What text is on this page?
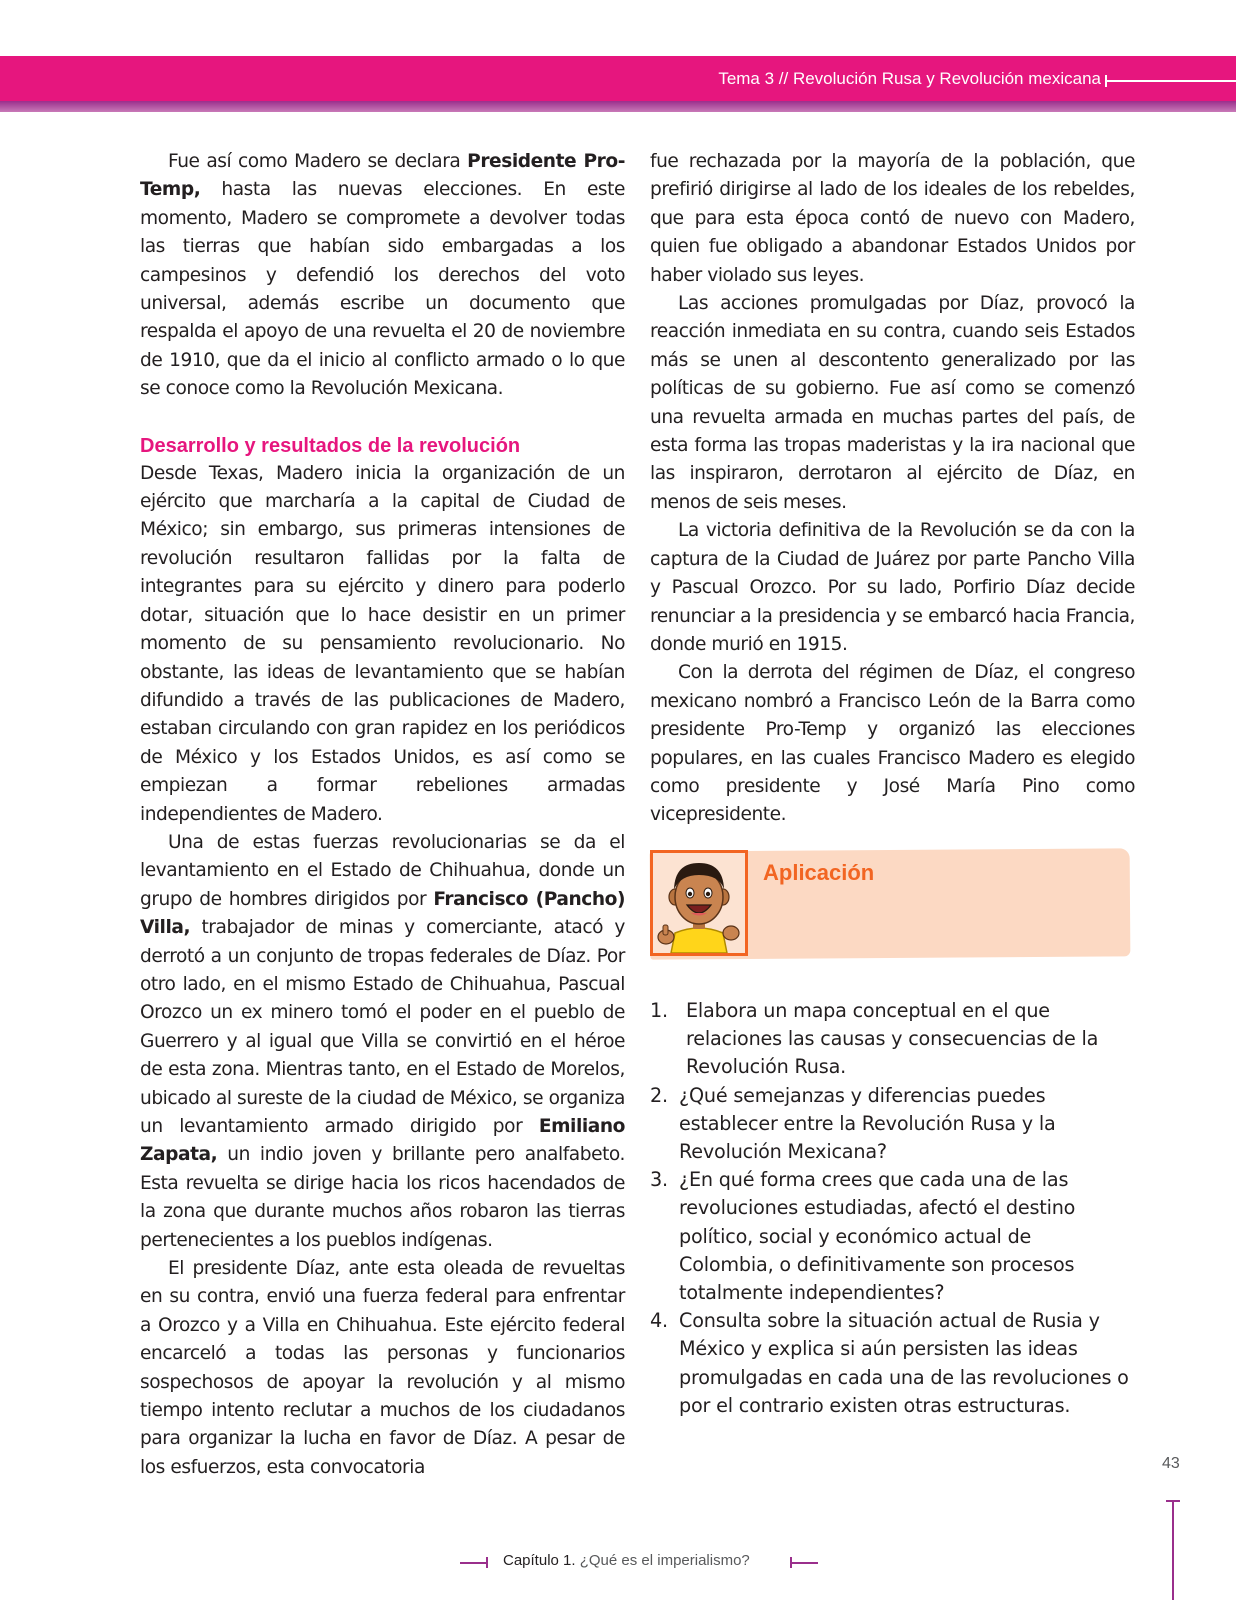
Tema 3 // Revolución Rusa y Revolución mexicana

Fue así como Madero se declara Presidente Pro-Temp, hasta las nuevas elecciones. En este momento, Madero se compromete a devolver todas las tierras que habían sido embargadas a los campesinos y defendió los derechos del voto universal, además escribe un documento que respalda el apoyo de una revuelta el 20 de noviembre de 1910, que da el inicio al conflicto armado o lo que se conoce como la Revolución Mexicana.

Desarrollo y resultados de la revolución

Desde Texas, Madero inicia la organización de un ejército que marcharía a la capital de Ciudad de México; sin embargo, sus primeras intensiones de revolución resultaron fallidas por la falta de integrantes para su ejército y dinero para poderlo dotar, situación que lo hace desistir en un primer momento de su pensamiento revolucionario. No obstante, las ideas de levantamiento que se habían difundido a través de las publicaciones de Madero, estaban circulando con gran rapidez en los periódicos de México y los Estados Unidos, es así como se empiezan a formar rebeliones armadas independientes de Madero.

Una de estas fuerzas revolucionarias se da el levantamiento en el Estado de Chihuahua, donde un grupo de hombres dirigidos por Francisco (Pancho) Villa, trabajador de minas y comerciante, atacó y derrotó a un conjunto de tropas federales de Díaz. Por otro lado, en el mismo Estado de Chihuahua, Pascual Orozco un ex minero tomó el poder en el pueblo de Guerrero y al igual que Villa se convirtió en el héroe de esta zona. Mientras tanto, en el Estado de Morelos, ubicado al sureste de la ciudad de México, se organiza un levantamiento armado dirigido por Emiliano Zapata, un indio joven y brillante pero analfabeto. Esta revuelta se dirige hacia los ricos hacendados de la zona que durante muchos años robaron las tierras pertenecientes a los pueblos indígenas.

El presidente Díaz, ante esta oleada de revueltas en su contra, envió una fuerza federal para enfrentar a Orozco y a Villa en Chihuahua. Este ejército federal encarceló a todas las personas y funcionarios sospechosos de apoyar la revolución y al mismo tiempo intento reclutar a muchos de los ciudadanos para organizar la lucha en favor de Díaz. A pesar de los esfuerzos, esta convocatoria

fue rechazada por la mayoría de la población, que prefirió dirigirse al lado de los ideales de los rebeldes, que para esta época contó de nuevo con Madero, quien fue obligado a abandonar Estados Unidos por haber violado sus leyes.

Las acciones promulgadas por Díaz, provocó la reacción inmediata en su contra, cuando seis Estados más se unen al descontento generalizado por las políticas de su gobierno. Fue así como se comenzó una revuelta armada en muchas partes del país, de esta forma las tropas maderistas y la ira nacional que las inspiraron, derrotaron al ejército de Díaz, en menos de seis meses.

La victoria definitiva de la Revolución se da con la captura de la Ciudad de Juárez por parte Pancho Villa y Pascual Orozco. Por su lado, Porfirio Díaz decide renunciar a la presidencia y se embarcó hacia Francia, donde murió en 1915.

Con la derrota del régimen de Díaz, el congreso mexicano nombró a Francisco León de la Barra como presidente Pro-Temp y organizó las elecciones populares, en las cuales Francisco Madero es elegido como presidente y José María Pino como vicepresidente.

Aplicación
1. Elabora un mapa conceptual en el que relaciones las causas y consecuencias de la Revolución Rusa.
2. ¿Qué semejanzas y diferencias puedes establecer entre la Revolución Rusa y la Revolución Mexicana?
3. ¿En qué forma crees que cada una de las revoluciones estudiadas, afectó el destino político, social y económico actual de Colombia, o definitivamente son procesos totalmente independientes?
4. Consulta sobre la situación actual de Rusia y México y explica si aún persisten las ideas promulgadas en cada una de las revoluciones o por el contrario existen otras estructuras.
43
Capítulo 1. ¿Qué es el imperialismo?
